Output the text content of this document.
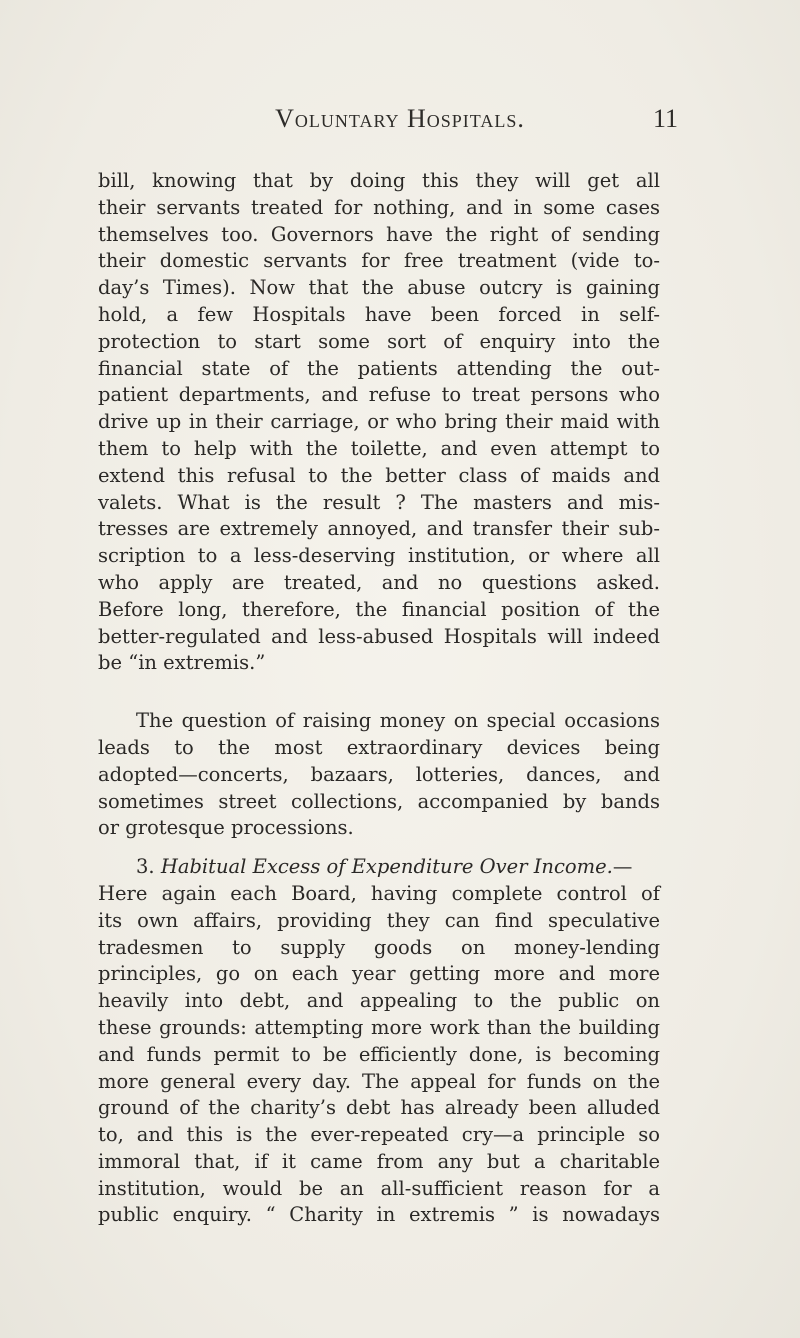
Voluntary Hospitals.	11
bill, knowing that by doing this they will get all
their servants treated for nothing, and in some cases
themselves too. Governors have the right of sending
their domestic servants for free treatment (vide to-
day’s Times). Now that the abuse outcry is gaining
hold, a few Hospitals have been forced in self-
protection to start some sort of enquiry into the
financial state of the patients attending the out-
patient departments, and refuse to treat persons who
drive up in their carriage, or who bring their maid with
them to help with the toilette, and even attempt to
extend this refusal to the better class of maids and
valets. What is the result ? The masters and mis-
tresses are extremely annoyed, and transfer their sub-
scription to a less-deserving institution, or where all
who apply are treated, and no questions asked.
Before long, therefore, the financial position of the
better-regulated and less-abused Hospitals will indeed
be “in extremis.”
The question of raising money on special occasions
leads to the most extraordinary devices being
adopted—concerts, bazaars, lotteries, dances, and
sometimes street collections, accompanied by bands
or grotesque processions.
3. Habitual Excess of Expenditure Over Income.—
Here again each Board, having complete control of
its own affairs, providing they can find speculative
tradesmen to supply goods on money-lending
principles, go on each year getting more and more
heavily into debt, and appealing to the public on
these grounds: attempting more work than the building
and funds permit to be efficiently done, is becoming
more general every day. The appeal for funds on the
ground of the charity’s debt has already been alluded
to, and this is the ever-repeated cry—a principle so
immoral that, if it came from any but a charitable
institution, would be an all-sufficient reason for a
public enquiry. “ Charity in extremis ” is nowadays
